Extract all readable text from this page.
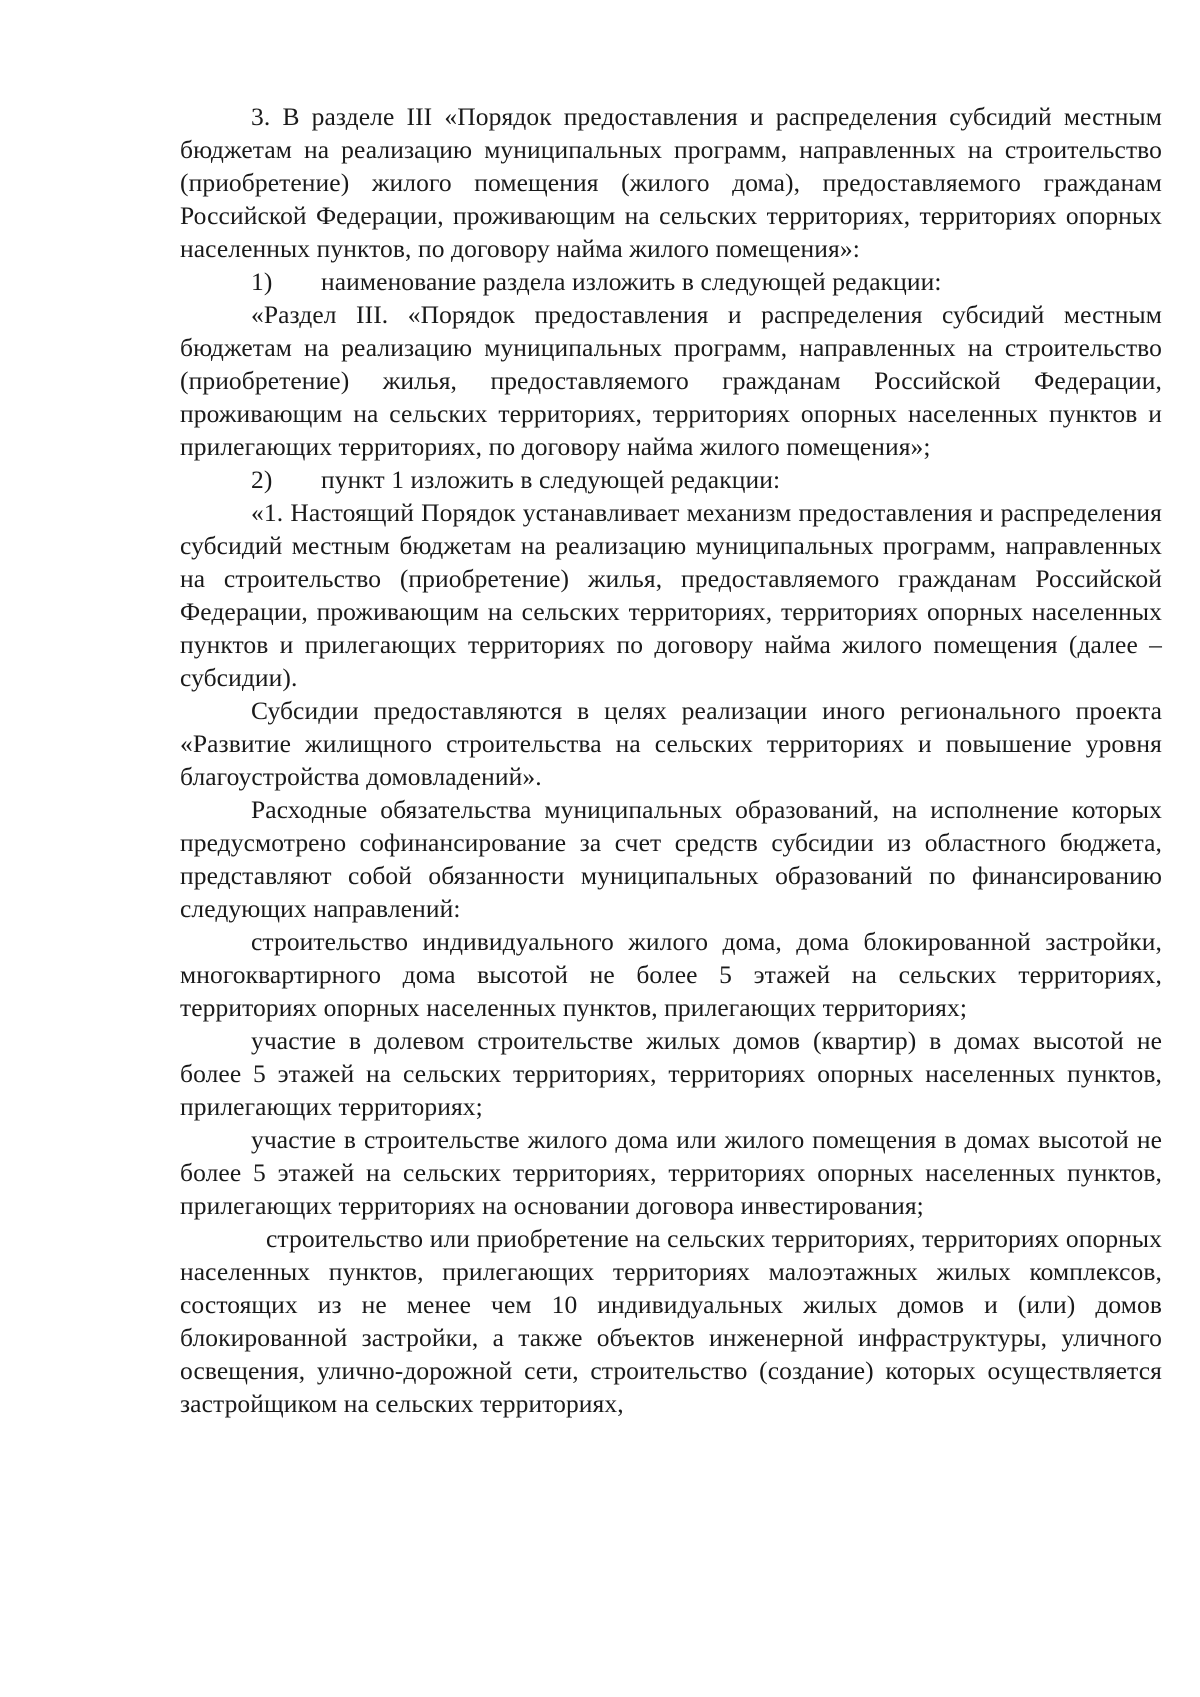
3. В разделе III «Порядок предоставления и распределения субсидий местным бюджетам на реализацию муниципальных программ, направленных на строительство (приобретение) жилого помещения (жилого дома), предоставляемого гражданам Российской Федерации, проживающим на сельских территориях, территориях опорных населенных пунктов, по договору найма жилого помещения»:

1) наименование раздела изложить в следующей редакции:

«Раздел III. «Порядок предоставления и распределения субсидий местным бюджетам на реализацию муниципальных программ, направленных на строительство (приобретение) жилья, предоставляемого гражданам Российской Федерации, проживающим на сельских территориях, территориях опорных населенных пунктов и прилегающих территориях, по договору найма жилого помещения»;

2) пункт 1 изложить в следующей редакции:

«1. Настоящий Порядок устанавливает механизм предоставления и распределения субсидий местным бюджетам на реализацию муниципальных программ, направленных на строительство (приобретение) жилья, предоставляемого гражданам Российской Федерации, проживающим на сельских территориях, территориях опорных населенных пунктов и прилегающих территориях по договору найма жилого помещения (далее – субсидии).

Субсидии предоставляются в целях реализации иного регионального проекта «Развитие жилищного строительства на сельских территориях и повышение уровня благоустройства домовладений».

Расходные обязательства муниципальных образований, на исполнение которых предусмотрено софинансирование за счет средств субсидии из областного бюджета, представляют собой обязанности муниципальных образований по финансированию следующих направлений:

строительство индивидуального жилого дома, дома блокированной застройки, многоквартирного дома высотой не более 5 этажей на сельских территориях, территориях опорных населенных пунктов, прилегающих территориях;

участие в долевом строительстве жилых домов (квартир) в домах высотой не более 5 этажей на сельских территориях, территориях опорных населенных пунктов, прилегающих территориях;

участие в строительстве жилого дома или жилого помещения в домах высотой не более 5 этажей на сельских территориях, территориях опорных населенных пунктов, прилегающих территориях на основании договора инвестирования;

строительство или приобретение на сельских территориях, территориях опорных населенных пунктов, прилегающих территориях малоэтажных жилых комплексов, состоящих из не менее чем 10 индивидуальных жилых домов и (или) домов блокированной застройки, а также объектов инженерной инфраструктуры, уличного освещения, улично-дорожной сети, строительство (создание) которых осуществляется застройщиком на сельских территориях,
